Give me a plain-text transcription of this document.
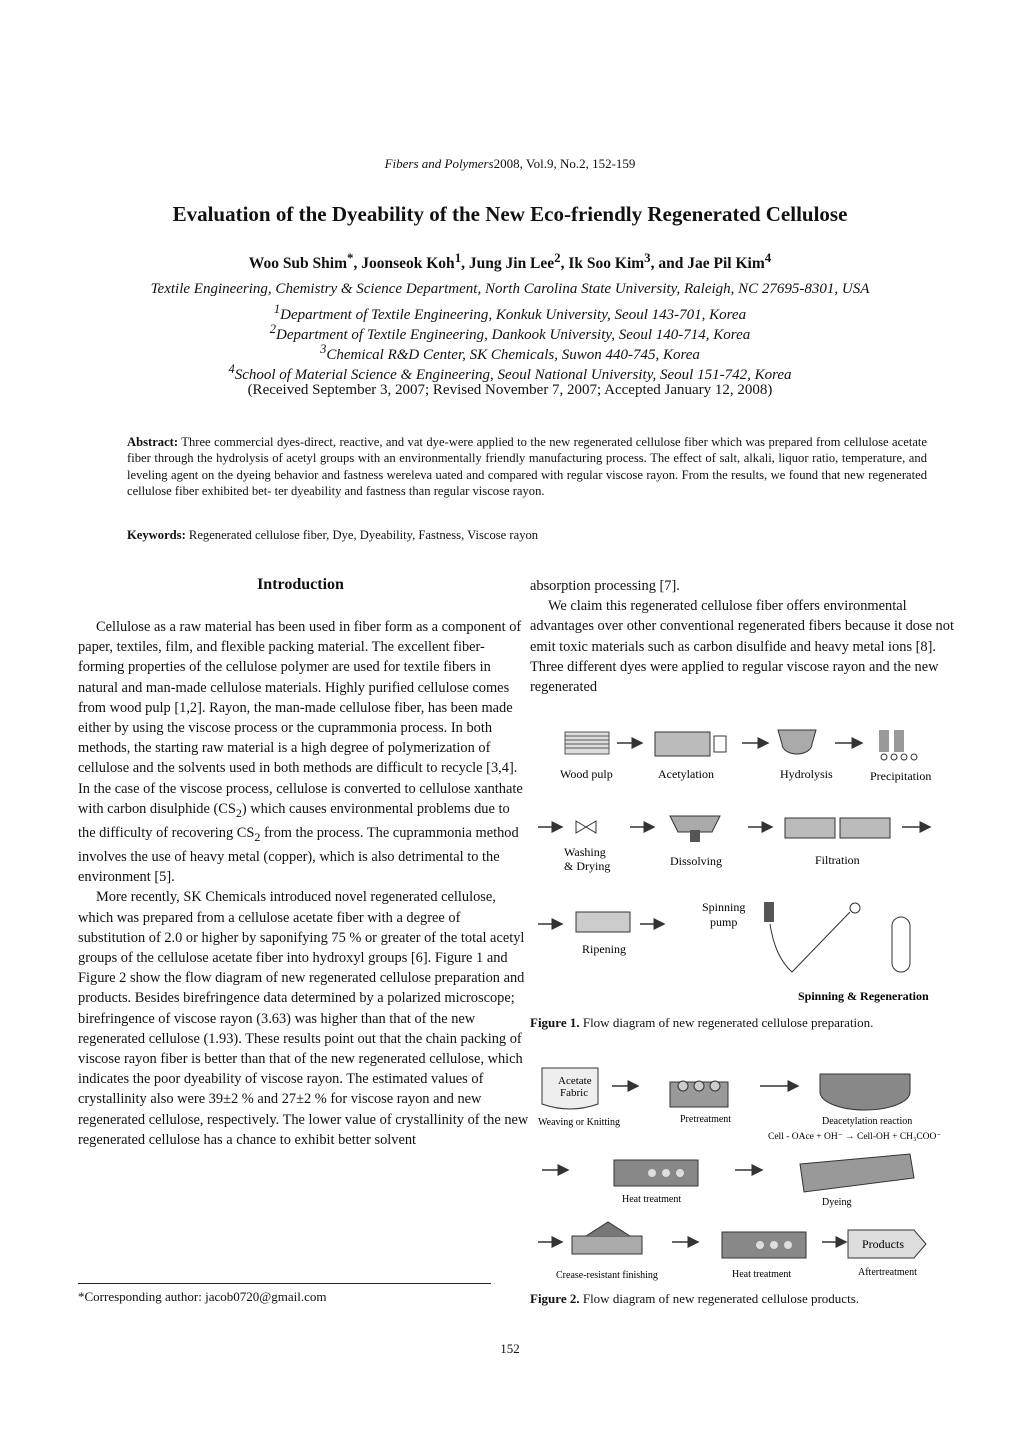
Fibers and Polymers2008, Vol.9, No.2, 152-159
Evaluation of the Dyeability of the New Eco-friendly Regenerated Cellulose
Woo Sub Shim*, Joonseok Koh$^1$, Jung Jin Lee$^2$, Ik Soo Kim$^3$, and Jae Pil Kim$^4$
Textile Engineering, Chemistry & Science Department, North Carolina State University, Raleigh, NC 27695-8301, USA
$^1$Department of Textile Engineering, Konkuk University, Seoul 143-701, Korea
$^2$Department of Textile Engineering, Dankook University, Seoul 140-714, Korea
$^3$Chemical R&D Center, SK Chemicals, Suwon 440-745, Korea
$^4$School of Material Science & Engineering, Seoul National University, Seoul 151-742, Korea
(Received September 3, 2007; Revised November 7, 2007; Accepted January 12, 2008)
Abstract: Three commercial dyes-direct, reactive, and vat dye-were applied to the new regenerated cellulose fiber which was prepared from cellulose acetate fiber through the hydrolysis of acetyl groups with an environmentally friendly manufacturing process. The effect of salt, alkali, liquor ratio, temperature, and leveling agent on the dyeing behavior and fastness wereleva uated and compared with regular viscose rayon. From the results, we found that new regenerated cellulose fiber exhibited bet- ter dyeability and fastness than regular viscose rayon.
Keywords: Regenerated cellulose fiber, Dye, Dyeability, Fastness, Viscose rayon
Introduction

Cellulose as a raw material has been used in fiber form as a component of paper, textiles, film, and flexible packing material. The excellent fiber-forming properties of the cellulose polymer are used for textile fibers in natural and man-made cellulose materials. Highly purified cellulose comes from wood pulp [1,2]. Rayon, the man-made cellulose fiber, has been made either by using the viscose process or the cuprammonia process. In both methods, the starting raw material is a high degree of polymerization of cellulose and the solvents used in both methods are difficult to recycle [3,4]. In the case of the viscose process, cellulose is converted to cellulose xanthate with carbon disulphide $(CS_2)$ which causes environmental problems due to the difficulty of recovering $CS_2$ from the process. The cuprammonia method involves the use of heavy metal (copper), which is also detrimental to the environment [5].

More recently, SK Chemicals introduced novel regenerated cellulose, which was prepared from a cellulose acetate fiber with a degree of substitution of 2.0 or higher by saponifying 75 % or greater of the total acetyl groups of the cellulose acetate fiber into hydroxyl groups [6]. Figure 1 and Figure 2 show the flow diagram of new regenerated cellulose preparation and products. Besides birefringence data determined by a polarized microscope; birefringence of viscose rayon (3.63) was higher than that of the new regenerated cellulose (1.93). These results point out that the chain packing of viscose rayon fiber is better than that of the new regenerated cellulose, which indicates the poor dyeability of viscose rayon. The estimated values of crystallinity also were 39±2 % and 27±2 % for viscose rayon and new regenerated cellulose, respectively. The lower value of crystallinity of the new regenerated cellulose has a chance to exhibit better solvent

absorption processing [7].

We claim this regenerated cellulose fiber offers environmental advantages over other conventional regenerated fibers because it dose not emit toxic materials such as carbon disulfide and heavy metal ions [8]. Three different dyes were applied to regular viscose rayon and the new regenerated

Wood pulp	Acetylation	Hydrolysis	Precipitation
Washing
& Drying	Dissolving	Filtration
Spinning
pump
Ripening
Spinning & Regeneration
Figure 1. Flow diagram of new regenerated cellulose preparation.
Acetate
Fabric
Weaving or Knitting	Pretreatment	Deacetylation reaction
Cell - OAce + OH⁻ → Cell-OH + CH₃COO⁻
Heat treatment	Dyeing
Crease-resistant finishing	Heat treatment
Products
Aftertreatment
Figure 2. Flow diagram of new regenerated cellulose products.
*Corresponding author: jacob0720@gmail.com
152
